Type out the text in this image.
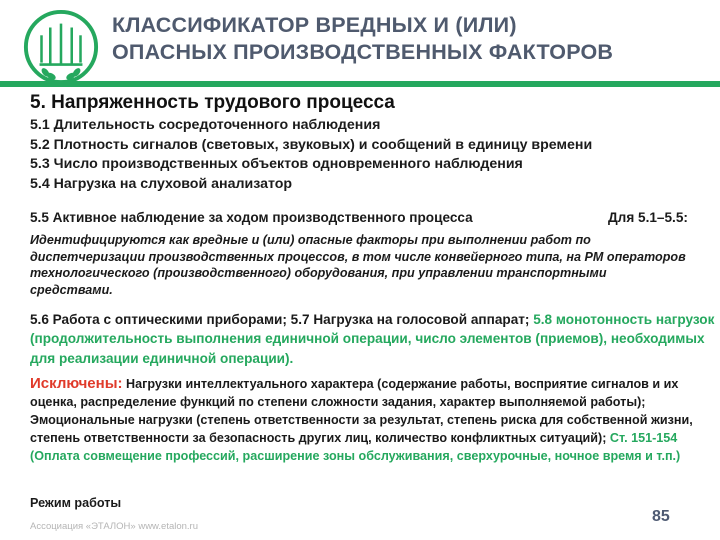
КЛАССИФИКАТОР ВРЕДНЫХ И (ИЛИ)
ОПАСНЫХ ПРОИЗВОДСТВЕННЫХ ФАКТОРОВ
5. Напряженность трудового процесса
5.1 Длительность сосредоточенного наблюдения
5.2 Плотность сигналов (световых, звуковых) и сообщений в единицу времени
5.3 Число производственных объектов одновременного наблюдения
5.4 Нагрузка на слуховой анализатор
5.5 Активное наблюдение за ходом производственного процесса	Для 5.1–5.5:
Идентифицируются как вредные и (или) опасные факторы при выполнении работ по диспетчеризации производственных процессов, в том числе конвейерного типа, на РМ операторов технологического (производственного) оборудования, при управлении транспортными средствами.
5.6 Работа с оптическими приборами; 5.7 Нагрузка на голосовой аппарат; 5.8 монотонность нагрузок (продолжительность выполнения единичной операции, число элементов (приемов), необходимых для реализации единичной операции).
Исключены: Нагрузки интеллектуального характера (содержание работы, восприятие сигналов и их оценка, распределение функций по степени сложности задания, характер выполняемой работы); Эмоциональные нагрузки (степень ответственности за результат, степень риска для собственной жизни, степень ответственности за безопасность других лиц, количество конфликтных ситуаций); Ст. 151-154 (Оплата совмещение профессий, расширение зоны обслуживания, сверхурочные, ночное время и т.п.)
Режим работы
Ассоциация «ЭТАЛОН» www.etalon.ru
85
